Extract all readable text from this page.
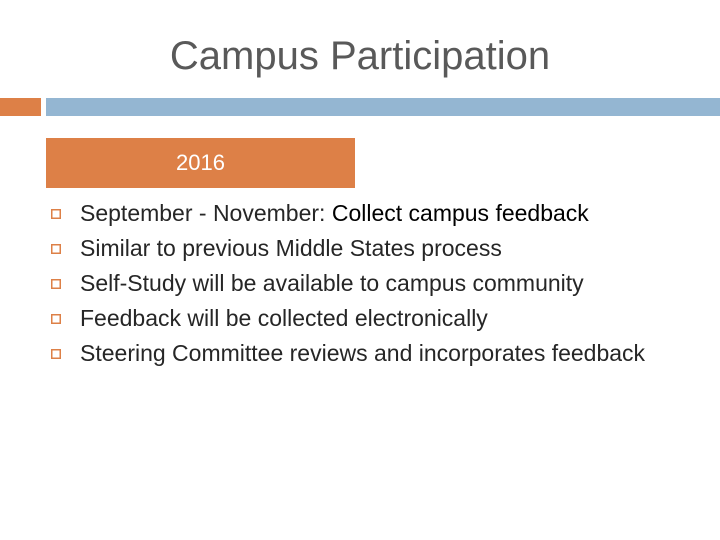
Campus Participation
2016
September - November: Collect campus feedback
Similar to previous Middle States process
Self-Study will be available to campus community
Feedback will be collected electronically
Steering Committee reviews and incorporates feedback
